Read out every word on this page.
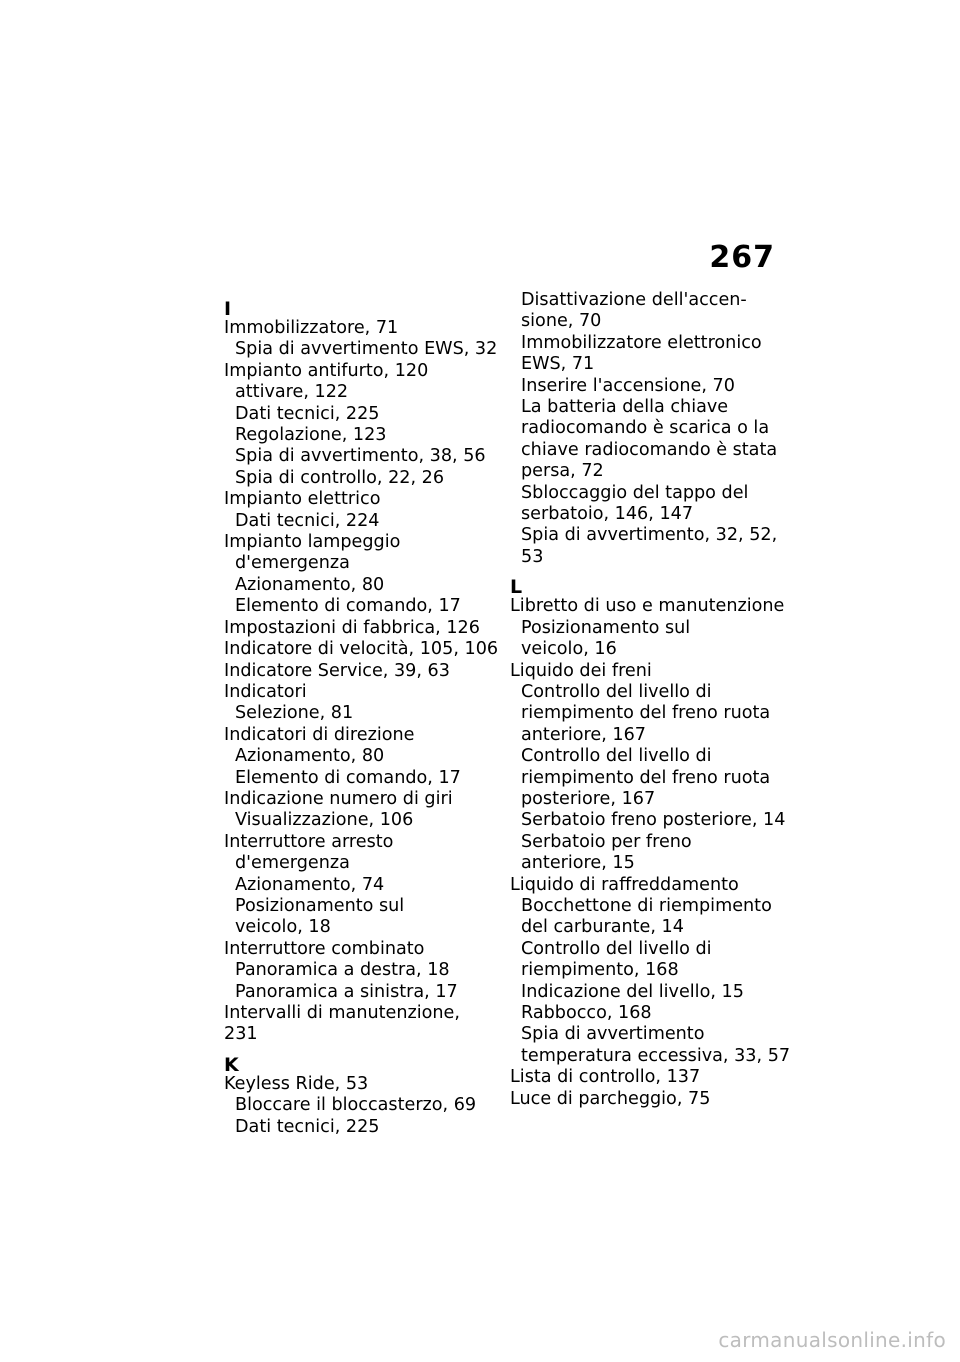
267
I
Immobilizzatore, 71
Spia di avvertimento EWS, 32
Impianto antifurto, 120
attivare, 122
Dati tecnici, 225
Regolazione, 123
Spia di avvertimento, 38, 56
Spia di controllo, 22, 26
Impianto elettrico
Dati tecnici, 224
Impianto lampeggio
d'emergenza
Azionamento, 80
Elemento di comando, 17
Impostazioni di fabbrica, 126
Indicatore di velocità, 105, 106
Indicatore Service, 39, 63
Indicatori
Selezione, 81
Indicatori di direzione
Azionamento, 80
Elemento di comando, 17
Indicazione numero di giri
Visualizzazione, 106
Interruttore arresto
d'emergenza
Azionamento, 74
Posizionamento sul
veicolo, 18
Interruttore combinato
Panoramica a destra, 18
Panoramica a sinistra, 17
Intervalli di manutenzione, 231
K
Keyless Ride, 53
Bloccare il bloccasterzo, 69
Dati tecnici, 225
Disattivazione dell'accen-
sione, 70
Immobilizzatore elettronico
EWS, 71
Inserire l'accensione, 70
La batteria della chiave
radiocomando è scarica o la
chiave radiocomando è stata
persa, 72
Sbloccaggio del tappo del
serbatoio, 146, 147
Spia di avvertimento, 32, 52,
53
L
Libretto di uso e manutenzione
Posizionamento sul
veicolo, 16
Liquido dei freni
Controllo del livello di
riempimento del freno ruota
anteriore, 167
Controllo del livello di
riempimento del freno ruota
posteriore, 167
Serbatoio freno posteriore, 14
Serbatoio per freno
anteriore, 15
Liquido di raffreddamento
Bocchettone di riempimento
del carburante, 14
Controllo del livello di
riempimento, 168
Indicazione del livello, 15
Rabbocco, 168
Spia di avvertimento
temperatura eccessiva, 33, 57
Lista di controllo, 137
Luce di parcheggio, 75
carmanualsonline.info
